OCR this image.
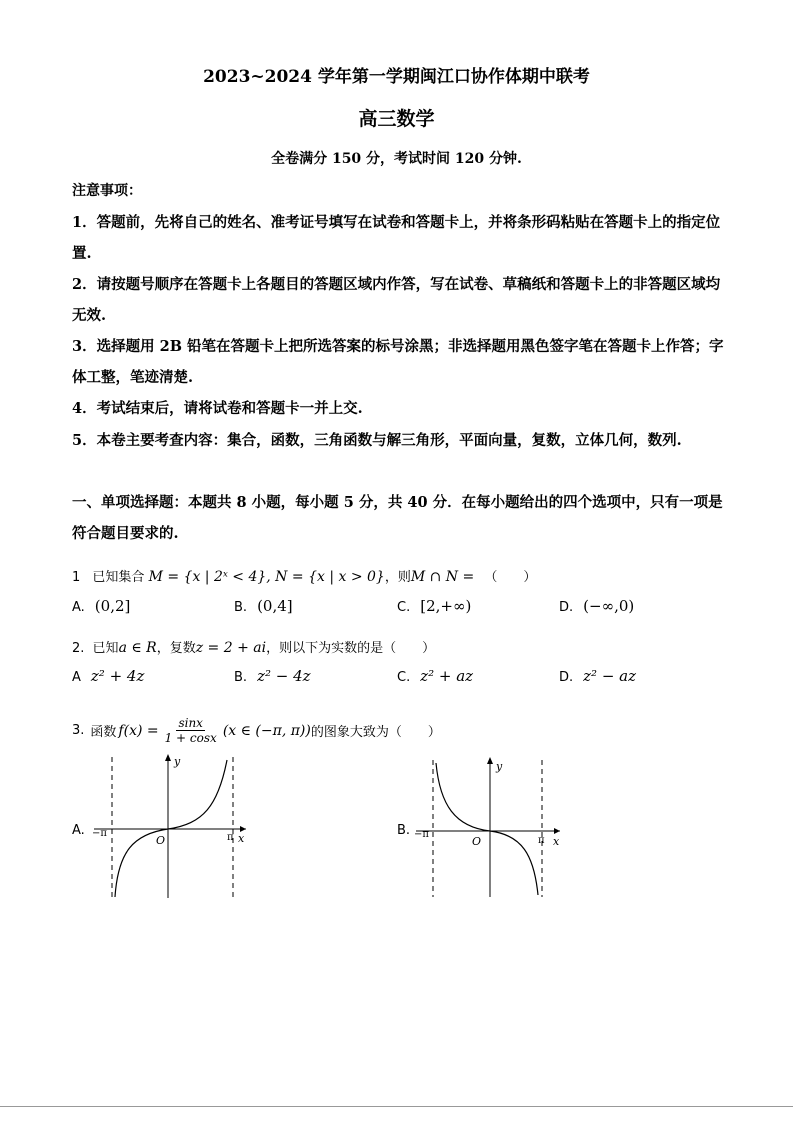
2023~2024 学年第一学期闽江口协作体期中联考
高三数学
全卷满分 150 分，考试时间 120 分钟.
注意事项：
1．答题前，先将自己的姓名、准考证号填写在试卷和答题卡上，并将条形码粘贴在答题卡上的指定位置.
2．请按题号顺序在答题卡上各题目的答题区域内作答，写在试卷、草稿纸和答题卡上的非答题区域均无效.
3．选择题用 2B 铅笔在答题卡上把所选答案的标号涂黑；非选择题用黑色签字笔在答题卡上作答；字体工整，笔迹清楚.
4．考试结束后，请将试卷和答题卡一并上交.
5．本卷主要考查内容：集合，函数，三角函数与解三角形，平面向量，复数，立体几何，数列.
一、单项选择题：本题共 8 小题，每小题 5 分，共 40 分．在每小题给出的四个选项中，只有一项是符合题目要求的.
1 已知集合 M = {x | 2ˣ < 4}, N = {x | x > 0}，则M ∩ N = （　　）
A. (0,2]	B. (0,4]	C. [2,+∞)	D. (−∞,0)
2. 已知a ∈ R，复数z = 2 + ai，则以下为实数的是（　　）
A z² + 4z	B. z² − 4z	C. z² + az	D. z² − az
3. 函数 $f(x) = \frac{\sin x}{1 + \cos x} (x$ ∈ (−π, π)) 的图象大致为（　　）
A.
y
x
O
−π	π	B.
y
x
O
−π
π
